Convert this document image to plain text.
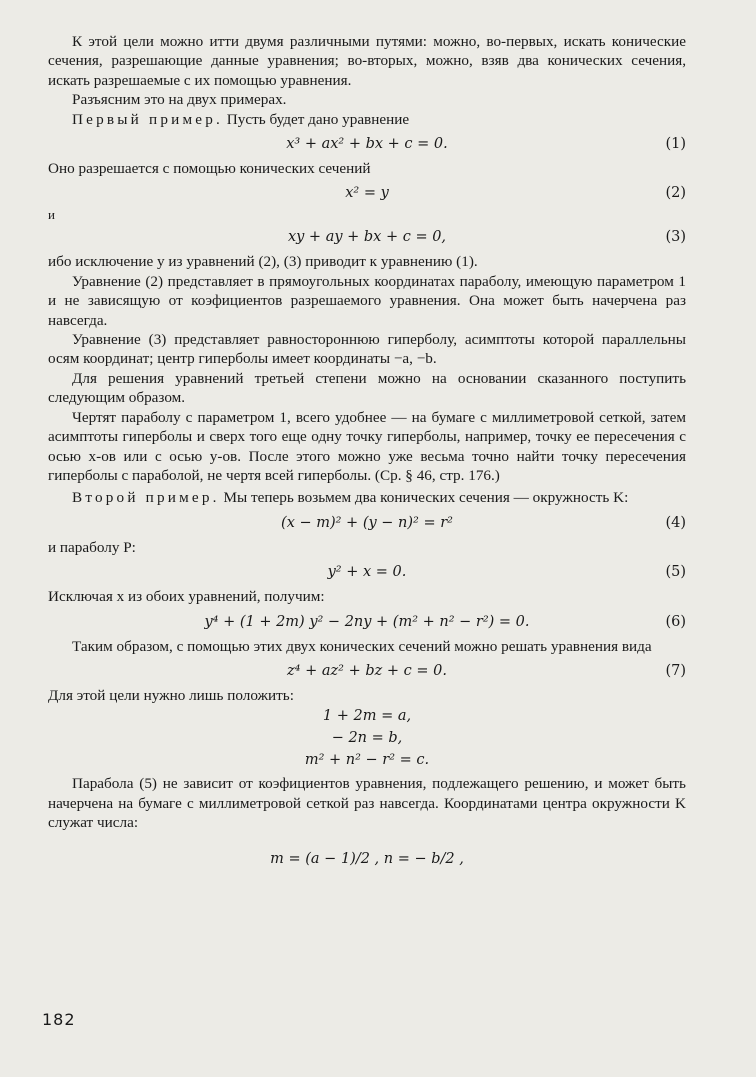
К этой цели можно итти двумя различными путями: можно, во-первых, искать конические сечения, разрешающие данные уравнения; во-вторых, можно, взяв два конических сечения, искать разрешаемые с их помощью уравнения.

Разъясним это на двух примерах.

Первый пример. Пусть будет дано уравнение

x³ + ax² + bx + c = 0.	(1)

Оно разрешается с помощью конических сечений

x² = y	(2)

и

xy + ay + bx + c = 0,	(3)

ибо исключение y из уравнений (2), (3) приводит к уравнению (1).

Уравнение (2) представляет в прямоугольных координатах параболу, имеющую параметром 1 и не зависящую от коэфициентов разрешаемого уравнения. Она может быть начерчена раз навсегда.

Уравнение (3) представляет равностороннюю гиперболу, асимптоты которой параллельны осям координат; центр гиперболы имеет координаты −a, −b.

Для решения уравнений третьей степени можно на основании сказанного поступить следующим образом.

Чертят параболу с параметром 1, всего удобнее — на бумаге с миллиметровой сеткой, затем асимптоты гиперболы и сверх того еще одну точку гиперболы, например, точку ее пересечения с осью x-ов или с осью y-ов. После этого можно уже весьма точно найти точку пересечения гиперболы с параболой, не чертя всей гиперболы. (Ср. § 46, стр. 176.)

Второй пример. Мы теперь возьмем два конических сечения — окружность K:

(x − m)² + (y − n)² = r²	(4)

и параболу P:

y² + x = 0.	(5)

Исключая x из обоих уравнений, получим:

y⁴ + (1 + 2m) y² − 2ny + (m² + n² − r²) = 0.	(6)

Таким образом, с помощью этих двух конических сечений можно решать уравнения вида

z⁴ + az² + bz + c = 0.	(7)

Для этой цели нужно лишь положить:

1 + 2m = a,
− 2n = b,
m² + n² − r² = c.

Парабола (5) не зависит от коэфициентов уравнения, подлежащего решению, и может быть начерчена на бумаге с миллиметровой сеткой раз навсегда. Координатами центра окружности K служат числа:

m = (a − 1)/2 , n = − b/2 ,
182
